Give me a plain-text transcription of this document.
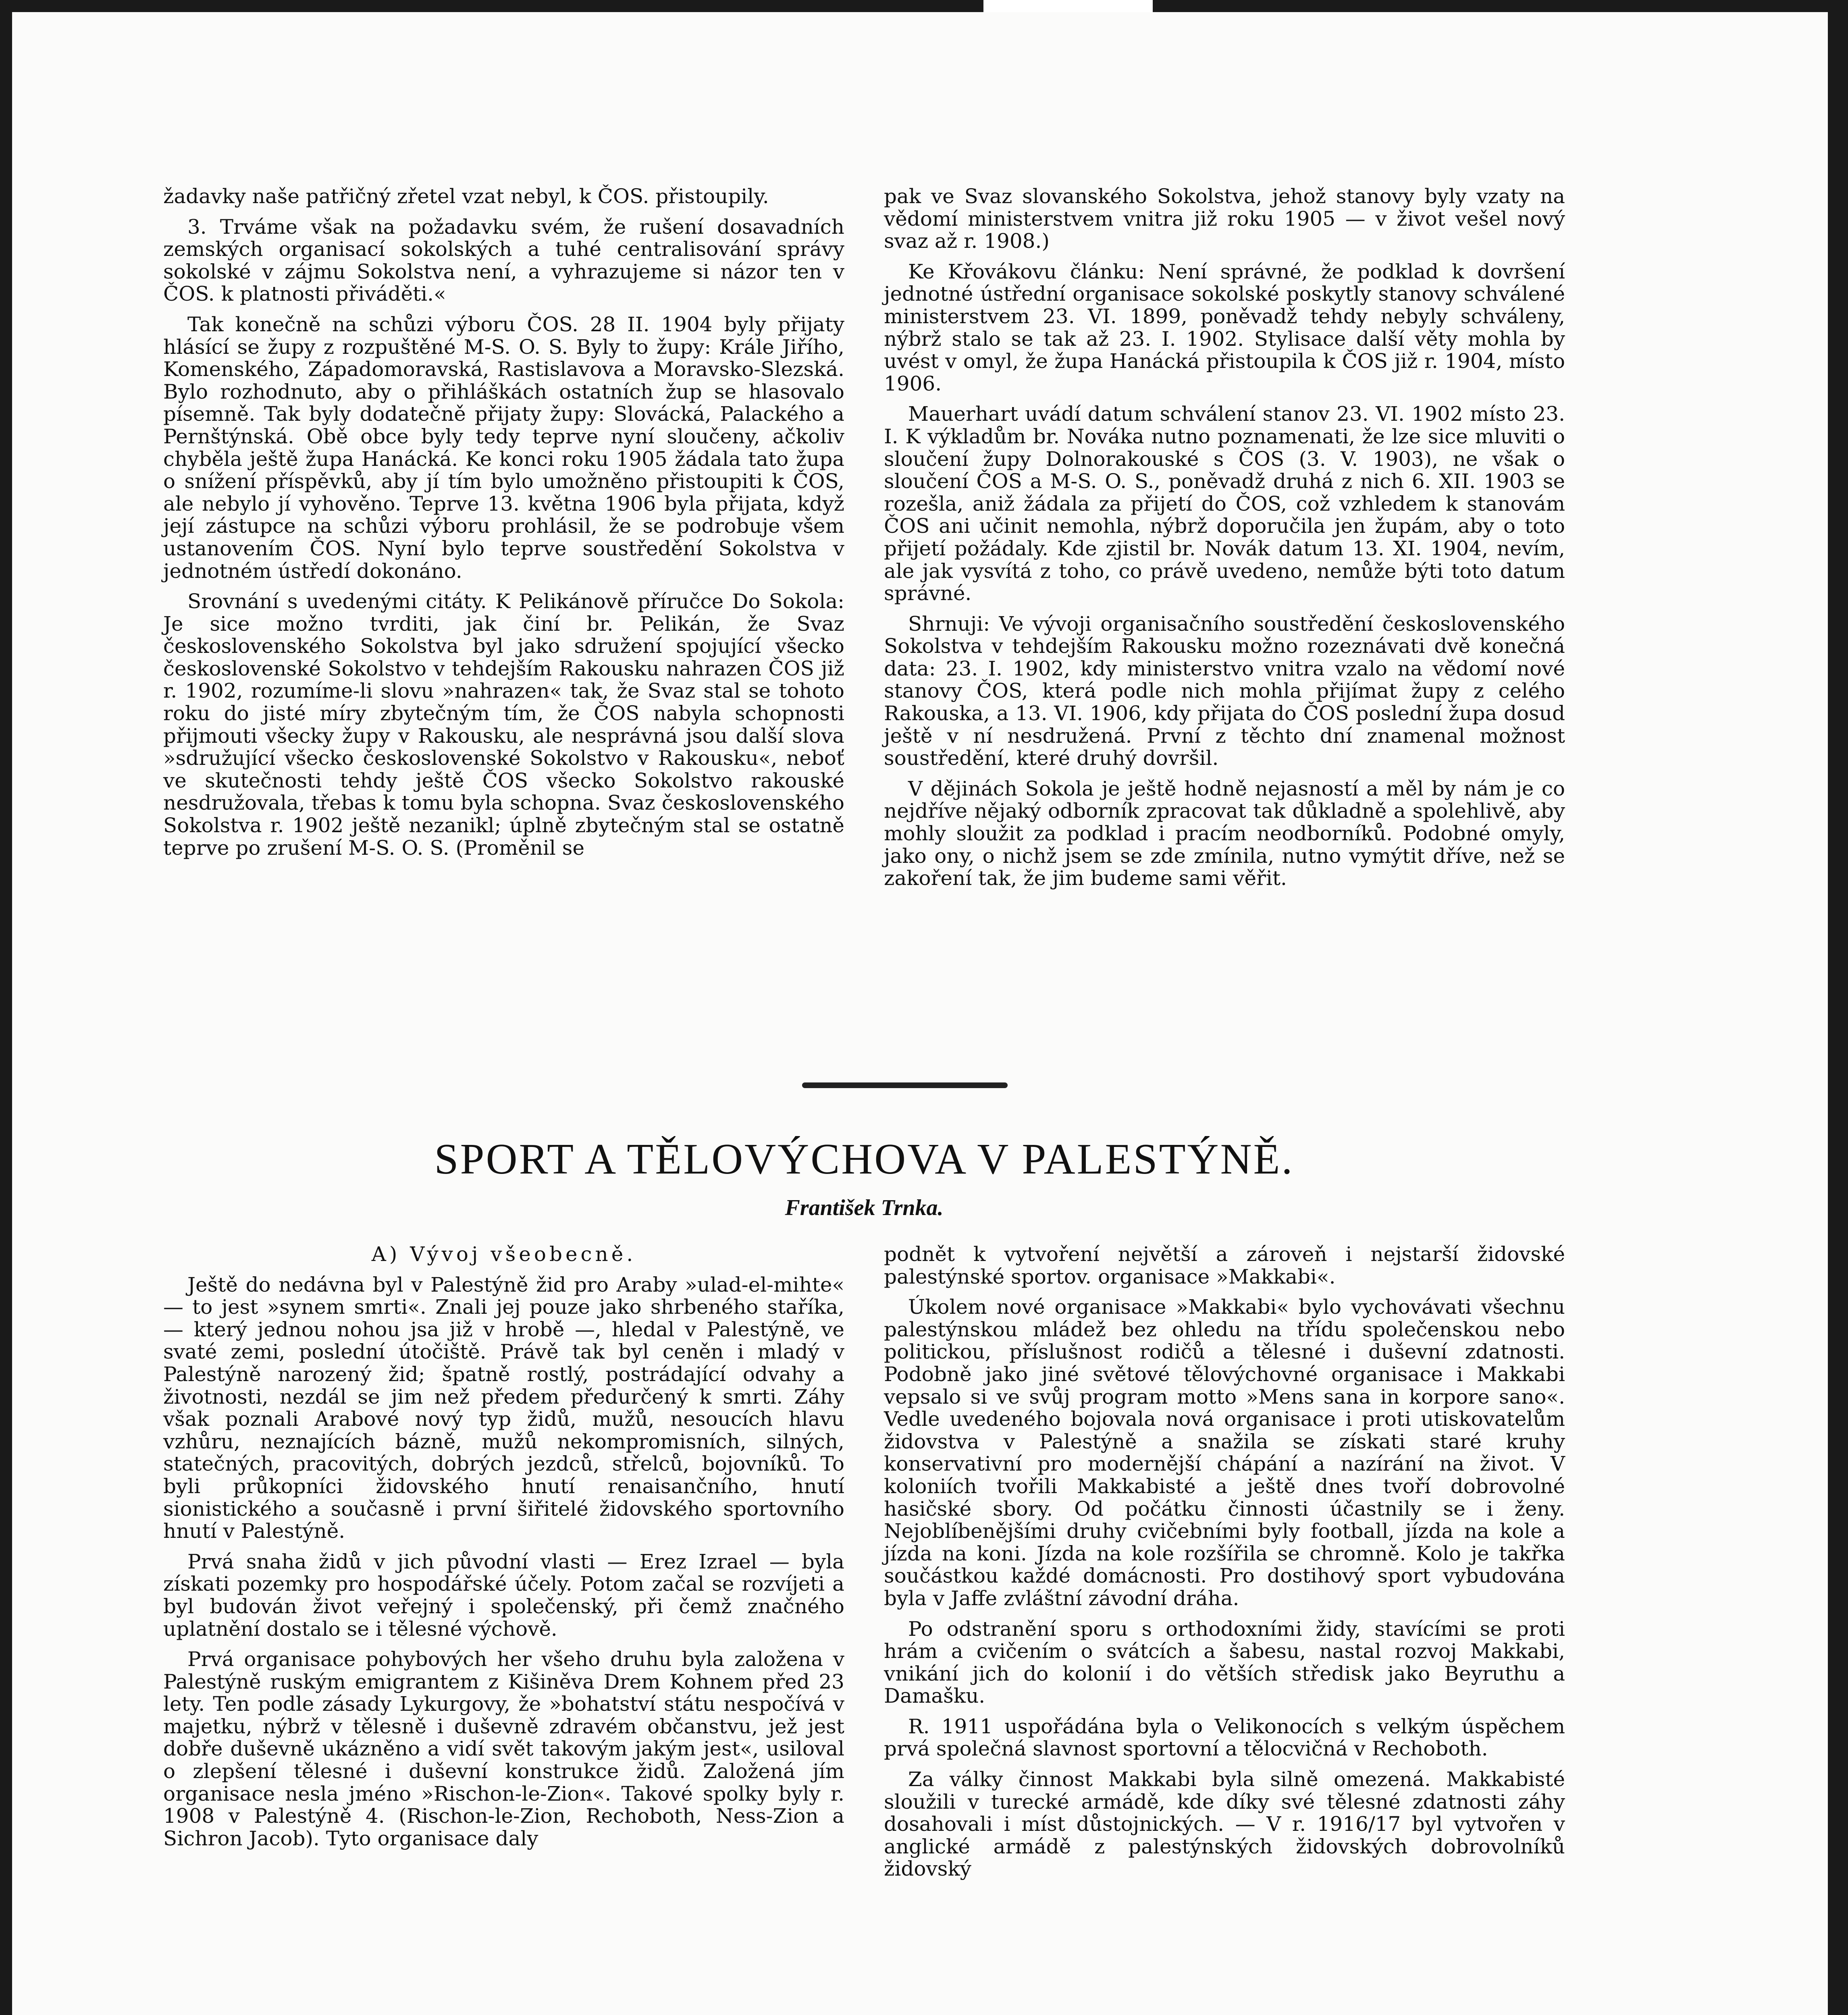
žadavky naše patřičný zřetel vzat nebyl, k ČOS. přistoupily.

3. Trváme však na požadavku svém, že rušení dosavadních zemských organisací sokolských a tuhé centralisování správy sokolské v zájmu Sokolstva není, a vyhrazujeme si názor ten v ČOS. k platnosti přiváděti.«

Tak konečně na schůzi výboru ČOS. 28 II. 1904 byly přijaty hlásící se župy z rozpuštěné M-S. O. S. Byly to župy: Krále Jiřího, Komenského, Západomoravská, Rastislavova a Moravsko-Slezská. Bylo rozhodnuto, aby o přihláškách ostatních žup se hlasovalo písemně. Tak byly dodatečně přijaty župy: Slovácká, Palackého a Pernštýnská. Obě obce byly tedy teprve nyní sloučeny, ačkoliv chyběla ještě župa Hanácká. Ke konci roku 1905 žádala tato župa o snížení příspěvků, aby jí tím bylo umožněno přistoupiti k ČOS, ale nebylo jí vyhověno. Teprve 13. května 1906 byla přijata, když její zástupce na schůzi výboru prohlásil, že se podrobuje všem ustanovením ČOS. Nyní bylo teprve soustředění Sokolstva v jednotném ústředí dokonáno.

Srovnání s uvedenými citáty. K Pelikánově příručce Do Sokola: Je sice možno tvrditi, jak činí br. Pelikán, že Svaz československého Sokolstva byl jako sdružení spojující všecko československé Sokolstvo v tehdejším Rakousku nahrazen ČOS již r. 1902, rozumíme-li slovu »nahrazen« tak, že Svaz stal se tohoto roku do jisté míry zbytečným tím, že ČOS nabyla schopnosti přijmouti všecky župy v Rakousku, ale nesprávná jsou další slova »sdružující všecko československé Sokolstvo v Rakousku«, neboť ve skutečnosti tehdy ještě ČOS všecko Sokolstvo rakouské nesdružovala, třebas k tomu byla schopna. Svaz československého Sokolstva r. 1902 ještě nezanikl; úplně zbytečným stal se ostatně teprve po zrušení M-S. O. S. (Proměnil se

pak ve Svaz slovanského Sokolstva, jehož stanovy byly vzaty na vědomí ministerstvem vnitra již roku 1905 — v život vešel nový svaz až r. 1908.)

Ke Křovákovu článku: Není správné, že podklad k dovršení jednotné ústřední organisace sokolské poskytly stanovy schválené ministerstvem 23. VI. 1899, poněvadž tehdy nebyly schváleny, nýbrž stalo se tak až 23. I. 1902. Stylisace další věty mohla by uvést v omyl, že župa Hanácká přistoupila k ČOS již r. 1904, místo 1906.

Mauerhart uvádí datum schválení stanov 23. VI. 1902 místo 23. I. K výkladům br. Nováka nutno poznamenati, že lze sice mluviti o sloučení župy Dolnorakouské s ČOS (3. V. 1903), ne však o sloučení ČOS a M-S. O. S., poněvadž druhá z nich 6. XII. 1903 se rozešla, aniž žádala za přijetí do ČOS, což vzhledem k stanovám ČOS ani učinit nemohla, nýbrž doporučila jen župám, aby o toto přijetí požádaly. Kde zjistil br. Novák datum 13. XI. 1904, nevím, ale jak vysvítá z toho, co právě uvedeno, nemůže býti toto datum správné.

Shrnuji: Ve vývoji organisačního soustředění československého Sokolstva v tehdejším Rakousku možno rozeznávati dvě konečná data: 23. I. 1902, kdy ministerstvo vnitra vzalo na vědomí nové stanovy ČOS, která podle nich mohla přijímat župy z celého Rakouska, a 13. VI. 1906, kdy přijata do ČOS poslední župa dosud ještě v ní nesdružená. První z těchto dní znamenal možnost soustředění, které druhý dovršil.

V dějinách Sokola je ještě hodně nejasností a měl by nám je co nejdříve nějaký odborník zpracovat tak důkladně a spolehlivě, aby mohly sloužit za podklad i pracím neodborníků. Podobné omyly, jako ony, o nichž jsem se zde zmínila, nutno vymýtit dříve, než se zakoření tak, že jim budeme sami věřit.

SPORT A TĚLOVÝCHOVA V PALESTÝNĚ.
František Trnka.

A) Vývoj všeobecně.

Ještě do nedávna byl v Palestýně žid pro Araby »ulad-el-mihte« — to jest »synem smrti«. Znali jej pouze jako shrbeného staříka, — který jednou nohou jsa již v hrobě —, hledal v Palestýně, ve svaté zemi, poslední útočiště. Právě tak byl ceněn i mladý v Palestýně narozený žid; špatně rostlý, postrádající odvahy a životnosti, nezdál se jim než předem předurčený k smrti. Záhy však poznali Arabové nový typ židů, mužů, nesoucích hlavu vzhůru, neznajících bázně, mužů nekompromisních, silných, statečných, pracovitých, dobrých jezdců, střelců, bojovníků. To byli průkopníci židovského hnutí renaisančního, hnutí sionistického a současně i první šiřitelé židovského sportovního hnutí v Palestýně.

Prvá snaha židů v jich původní vlasti — Erez Izrael — byla získati pozemky pro hospodářské účely. Potom začal se rozvíjeti a byl budován život veřejný i společenský, při čemž značného uplatnění dostalo se i tělesné výchově.

Prvá organisace pohybových her všeho druhu byla založena v Palestýně ruským emigrantem z Kišiněva Drem Kohnem před 23 lety. Ten podle zásady Lykurgovy, že »bohatství státu nespočívá v majetku, nýbrž v tělesně i duševně zdravém občanstvu, jež jest dobře duševně ukázněno a vidí svět takovým jakým jest«, usiloval o zlepšení tělesné i duševní konstrukce židů. Založená jím organisace nesla jméno »Rischon-le-Zion«. Takové spolky byly r. 1908 v Palestýně 4. (Rischon-le-Zion, Rechoboth, Ness-Zion a Sichron Jacob). Tyto organisace daly

podnět k vytvoření největší a zároveň i nejstarší židovské palestýnské sportov. organisace »Makkabi«.

Úkolem nové organisace »Makkabi« bylo vychovávati všechnu palestýnskou mládež bez ohledu na třídu společenskou nebo politickou, příslušnost rodičů a tělesné i duševní zdatnosti. Podobně jako jiné světové tělovýchovné organisace i Makkabi vepsalo si ve svůj program motto »Mens sana in korpore sano«. Vedle uvedeného bojovala nová organisace i proti utiskovatelům židovstva v Palestýně a snažila se získati staré kruhy konservativní pro modernější chápání a nazírání na život. V koloniích tvořili Makkabisté a ještě dnes tvoří dobrovolné hasičské sbory. Od počátku činnosti účastnily se i ženy. Nejoblíbenějšími druhy cvičebními byly football, jízda na kole a jízda na koni. Jízda na kole rozšířila se chromně. Kolo je takřka součástkou každé domácnosti. Pro dostihový sport vybudována byla v Jaffe zvláštní závodní dráha.

Po odstranění sporu s orthodoxními židy, stavícími se proti hrám a cvičením o svátcích a šabesu, nastal rozvoj Makkabi, vnikání jich do kolonií i do větších středisk jako Beyruthu a Damašku.

R. 1911 uspořádána byla o Velikonocích s velkým úspěchem prvá společná slavnost sportovní a tělocvičná v Rechoboth.

Za války činnost Makkabi byla silně omezená. Makkabisté sloužili v turecké armádě, kde díky své tělesné zdatnosti záhy dosahovali i míst důstojnických. — V r. 1916/17 byl vytvořen v anglické armádě z palestýnských židovských dobrovolníků židovský
